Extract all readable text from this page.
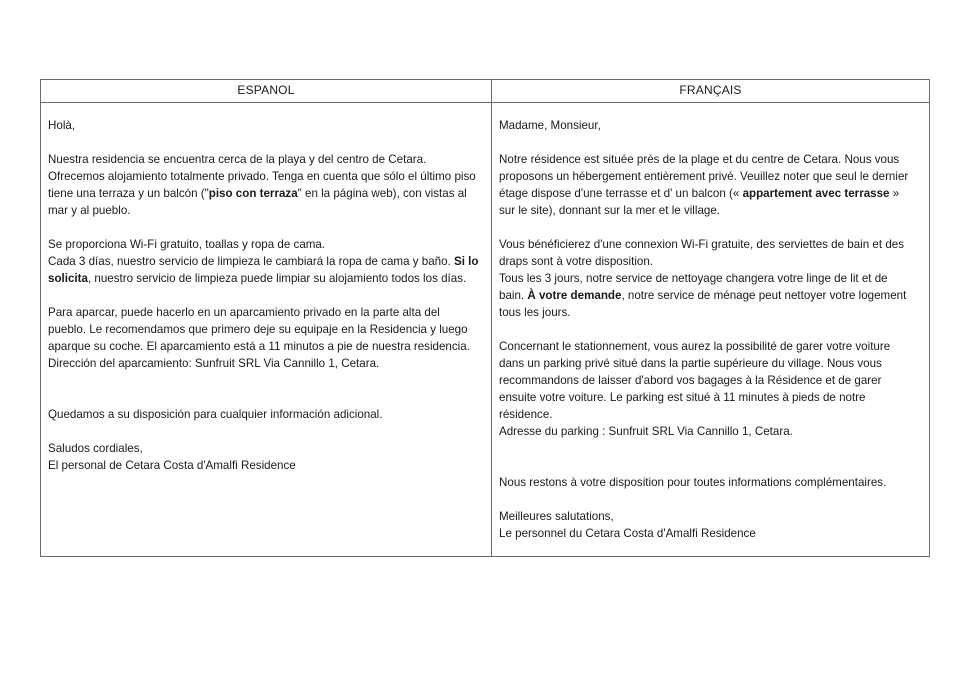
ESPANOL

Holà,

Nuestra residencia se encuentra cerca de la playa y del centro de Cetara. Ofrecemos alojamiento totalmente privado. Tenga en cuenta que sólo el último piso tiene una terraza y un balcón ("piso con terraza" en la página web), con vistas al mar y al pueblo.

Se proporciona Wi-Fi gratuito, toallas y ropa de cama.
Cada 3 días, nuestro servicio de limpieza le cambiará la ropa de cama y baño. Si lo solicita, nuestro servicio de limpieza puede limpiar su alojamiento todos los días.

Para aparcar, puede hacerlo en un aparcamiento privado en la parte alta del pueblo. Le recomendamos que primero deje su equipaje en la Residencia y luego aparque su coche. El aparcamiento está a 11 minutos a pie de nuestra residencia.
Dirección del aparcamiento: Sunfruit SRL Via Cannillo 1, Cetara.

Quedamos a su disposición para cualquier información adicional.

Saludos cordiales,
El personal de Cetara Costa d'Amalfi Residence

FRANÇAIS

Madame, Monsieur,

Notre résidence est située près de la plage et du centre de Cetara. Nous vous proposons un hébergement entièrement privé. Veuillez noter que seul le dernier étage dispose d'une terrasse et d' un balcon (« appartement avec terrasse » sur le site), donnant sur la mer et le village.

Vous bénéficierez d'une connexion Wi-Fi gratuite, des serviettes de bain et des draps sont à votre disposition.
Tous les 3 jours, notre service de nettoyage changera votre linge de lit et de bain. À votre demande, notre service de ménage peut nettoyer votre logement tous les jours.

Concernant le stationnement, vous aurez la possibilité de garer votre voiture dans un parking privé situé dans la partie supérieure du village. Nous vous recommandons de laisser d'abord vos bagages à la Résidence et de garer ensuite votre voiture. Le parking est situé à 11 minutes à pieds de notre résidence.
Adresse du parking : Sunfruit SRL Via Cannillo 1, Cetara.

Nous restons à votre disposition pour toutes informations complémentaires.

Meilleures salutations,
Le personnel du Cetara Costa d'Amalfi Residence
